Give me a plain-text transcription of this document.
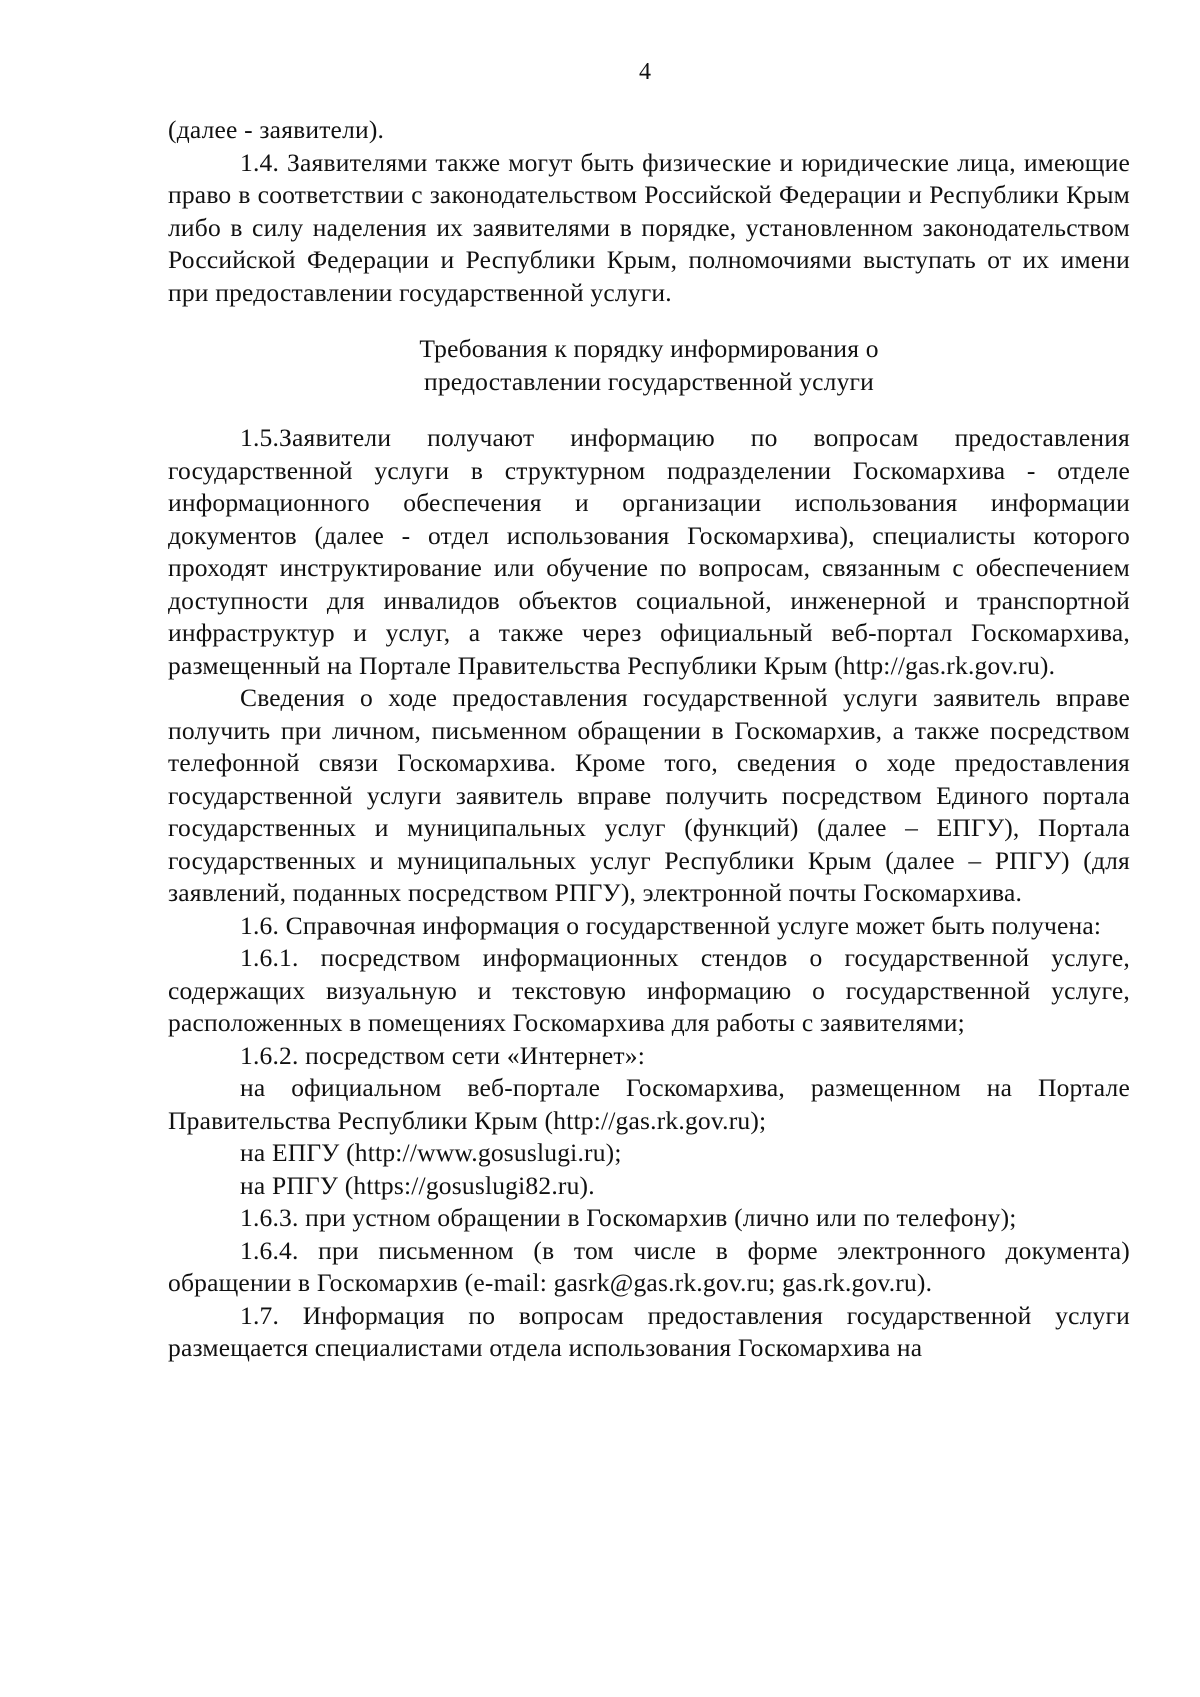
4

(далее - заявители).

1.4. Заявителями также могут быть физические и юридические лица, имеющие право в соответствии с законодательством Российской Федерации и Республики Крым либо в силу наделения их заявителями в порядке, установленном законодательством Российской Федерации и Республики Крым, полномочиями выступать от их имени при предоставлении государственной услуги.

Требования к порядку информирования о
предоставлении государственной услуги

1.5.Заявители получают информацию по вопросам предоставления государственной услуги в структурном подразделении Госкомархива - отделе информационного обеспечения и организации использования информации документов (далее - отдел использования Госкомархива), специалисты которого проходят инструктирование или обучение по вопросам, связанным с обеспечением доступности для инвалидов объектов социальной, инженерной и транспортной инфраструктур и услуг, а также через официальный веб-портал Госкомархива, размещенный на Портале Правительства Республики Крым (http://gas.rk.gov.ru).

Сведения о ходе предоставления государственной услуги заявитель вправе получить при личном, письменном обращении в Госкомархив, а также посредством телефонной связи Госкомархива. Кроме того, сведения о ходе предоставления государственной услуги заявитель вправе получить посредством Единого портала государственных и муниципальных услуг (функций) (далее – ЕПГУ), Портала государственных и муниципальных услуг Республики Крым (далее – РПГУ) (для заявлений, поданных посредством РПГУ), электронной почты Госкомархива.

1.6. Справочная информация о государственной услуге может быть получена:

1.6.1. посредством информационных стендов о государственной услуге, содержащих визуальную и текстовую информацию о государственной услуге, расположенных в помещениях Госкомархива для работы с заявителями;

1.6.2. посредством сети «Интернет»:

на официальном веб-портале Госкомархива, размещенном на Портале Правительства Республики Крым (http://gas.rk.gov.ru);

на ЕПГУ (http://www.gosuslugi.ru);

на РПГУ (https://gosuslugi82.ru).

1.6.3. при устном обращении в Госкомархив (лично или по телефону);

1.6.4. при письменном (в том числе в форме электронного документа) обращении в Госкомархив (e-mail: gasrk@gas.rk.gov.ru; gas.rk.gov.ru).

1.7. Информация по вопросам предоставления государственной услуги размещается специалистами отдела использования Госкомархива на
